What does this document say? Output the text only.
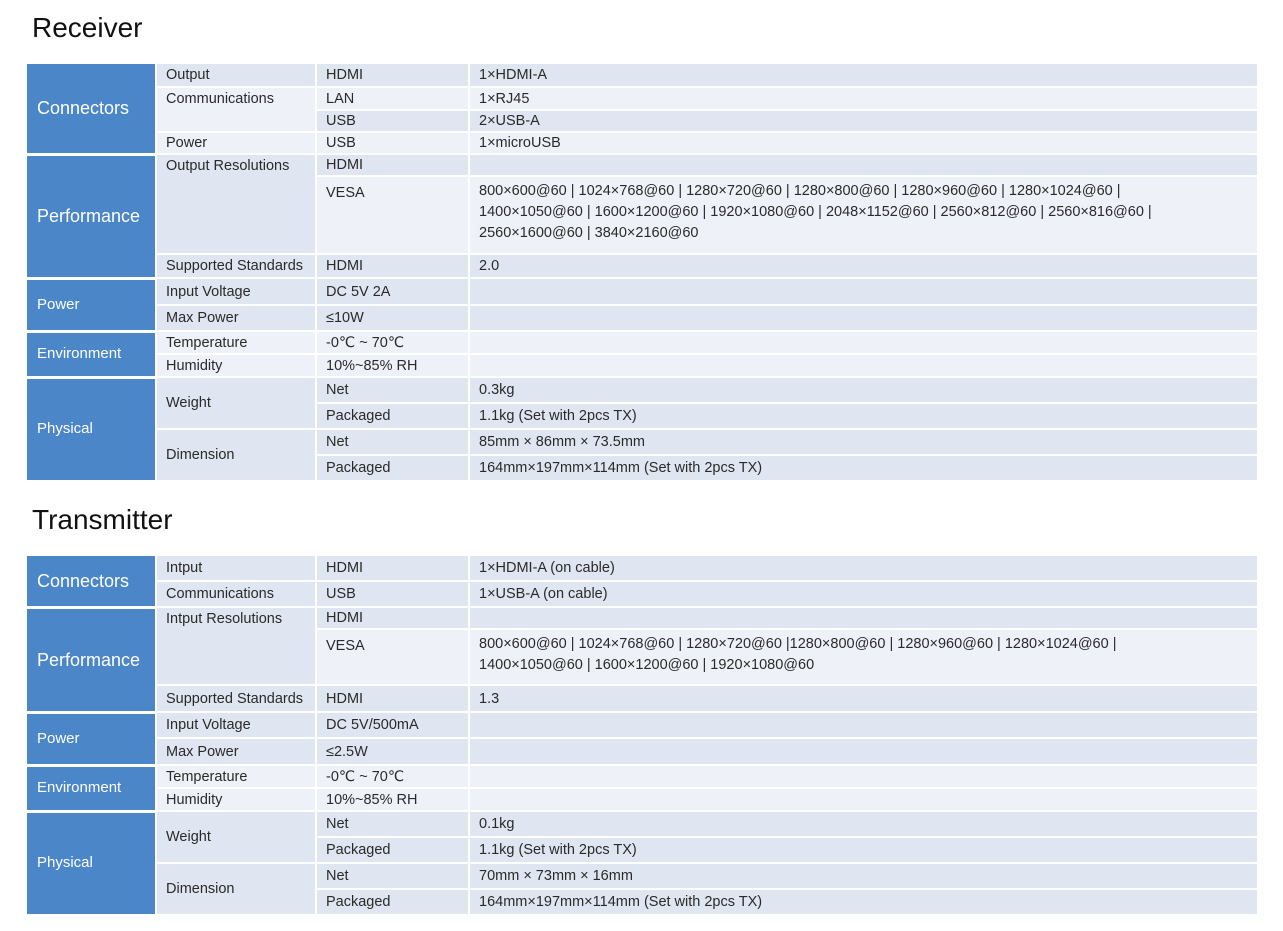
Receiver
Connectors	Output	HDMI	1×HDMI-A
	Communications	LAN	1×RJ45
		USB	2×USB-A
	Power	USB	1×microUSB
Performance	Output Resolutions	HDMI	
		VESA	800×600@60 | 1024×768@60 | 1280×720@60 | 1280×800@60 | 1280×960@60 | 1280×1024@60 |
1400×1050@60 | 1600×1200@60 | 1920×1080@60 | 2048×1152@60 | 2560×812@60 | 2560×816@60 |
2560×1600@60 | 3840×2160@60

	Supported Standards	HDMI	2.0
Power	Input Voltage	DC 5V 2A	
	Max Power	≤10W	
Environment	Temperature	-0℃ ~ 70℃	
	Humidity	10%~85% RH	
Physical	Weight	Net	0.3kg
		Packaged	1.1kg (Set with 2pcs TX)
	Dimension	Net	85mm × 86mm × 73.5mm
		Packaged	164mm×197mm×114mm (Set with 2pcs TX)
Transmitter
Connectors	Intput	HDMI	1×HDMI-A (on cable)
	Communications	USB	1×USB-A (on cable)
Performance	Intput Resolutions	HDMI	
		VESA	800×600@60 | 1024×768@60 | 1280×720@60 |1280×800@60 | 1280×960@60 | 1280×1024@60 |
1400×1050@60 | 1600×1200@60 | 1920×1080@60

	Supported Standards	HDMI	1.3
Power	Input Voltage	DC 5V/500mA	
	Max Power	≤2.5W	
Environment	Temperature	-0℃ ~ 70℃	
	Humidity	10%~85% RH	
Physical	Weight	Net	0.1kg
		Packaged	1.1kg (Set with 2pcs TX)
	Dimension	Net	70mm × 73mm × 16mm
		Packaged	164mm×197mm×114mm (Set with 2pcs TX)
